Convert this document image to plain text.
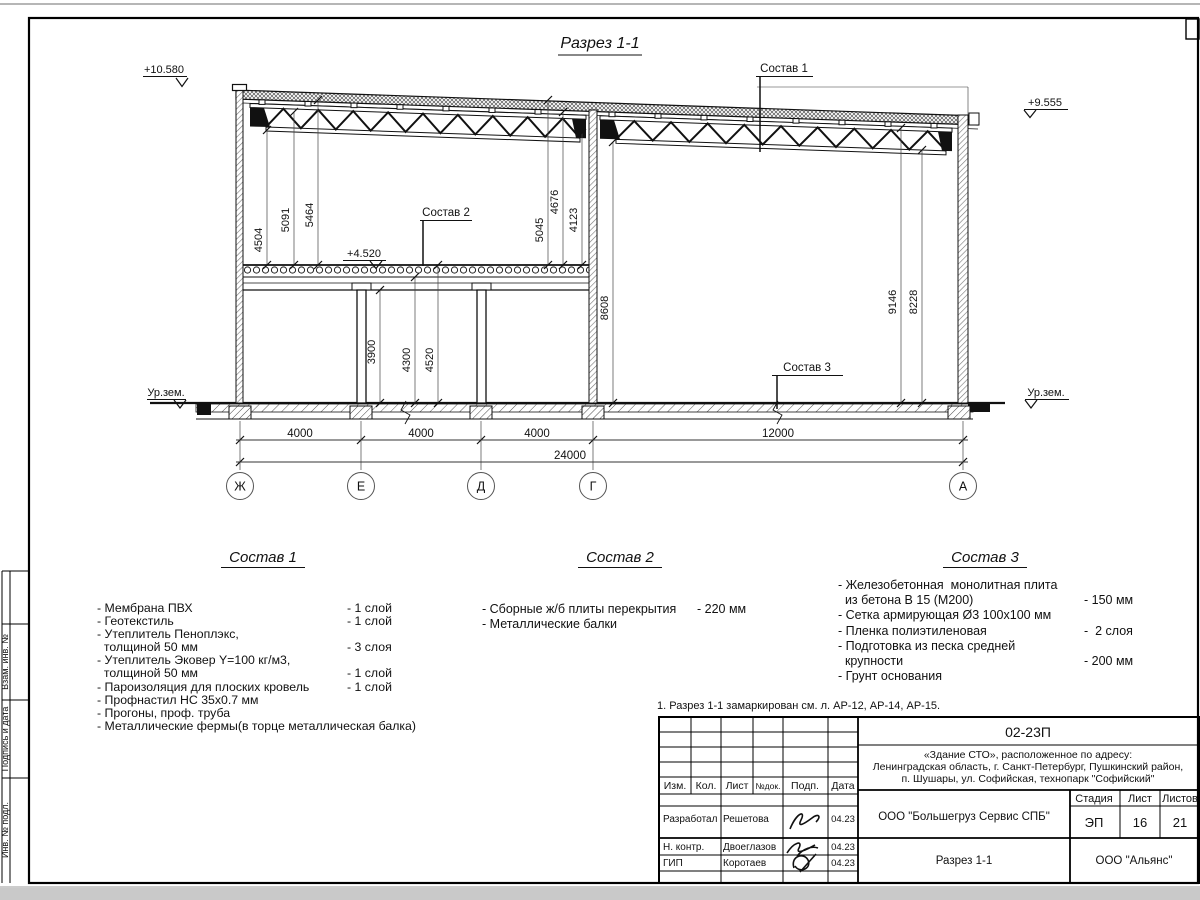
Взам. инв. №
Подпись и дата
Инв. № подл.
Разрез 1-1
4504
5091 5464
5045
4676
4123
8608	9146 8228
3900 4300 4520
4000	4000	4000	12000
24000
Ж	Е	Д	Г	А
+10.580
+9.555
+4.520
Ур.зем.	Ур.зем.
Состав 1
Состав 2
Состав 3
1. Разрез 1-1 замаркирован см. л. АР-12, АР-14, АР-15.
02-23П
«Здание СТО», расположенное по адресу:
Ленинградская область, г. Санкт-Петербург, Пушкинский район,
п. Шушары, ул. Софийская, технопарк "Софийский"
Изм. Кол. Лист №док. Подп. Дата
Разработал Решетова	04.23
Н. контр. Двоеглазов	04.23
ГИП	Коротаев	04.23
ООО "Большегруз Сервис СПБ"
Стадия Лист Листов
ЭП 16 21
Разрез 1-1	ООО "Альянс"
Состав 1
- Мембрана ПВХ	- 1 слой
- Геотекстиль	- 1 слой
- Утеплитель Пеноплэкс,
толщиной 50 мм	- 3 слоя
- Утеплитель Эковер Y=100 кг/м3,
толщиной 50 мм	- 1 слой
- Пароизоляция для плоских кровель	- 1 слой
- Профнастил НС 35х0.7 мм
- Прогоны, проф. труба
- Металлические фермы(в торце металлическая балка)
Состав 2
- Сборные ж/б плиты перекрытия - 220 мм
- Металлические балки
Состав 3
- Железобетонная  монолитная плита
из бетона В 15 (М200)	- 150 мм
- Сетка армирующая Ø3 100х100 мм
- Пленка полиэтиленовая	-  2 слоя
- Подготовка из песка средней
крупности	- 200 мм
- Грунт основания
